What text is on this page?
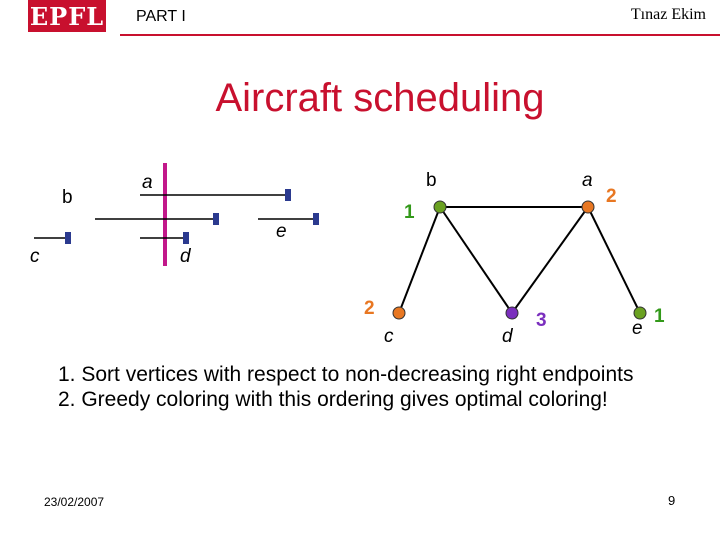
EPFL PART I	Tınaz Ekim
Aircraft scheduling
a
b
e
c	d
b	a
c	d	e
1
2
2
3	1
1. Sort vertices with respect to non-decreasing right endpoints
2. Greedy coloring with this ordering gives optimal coloring!
23/02/2007	9
